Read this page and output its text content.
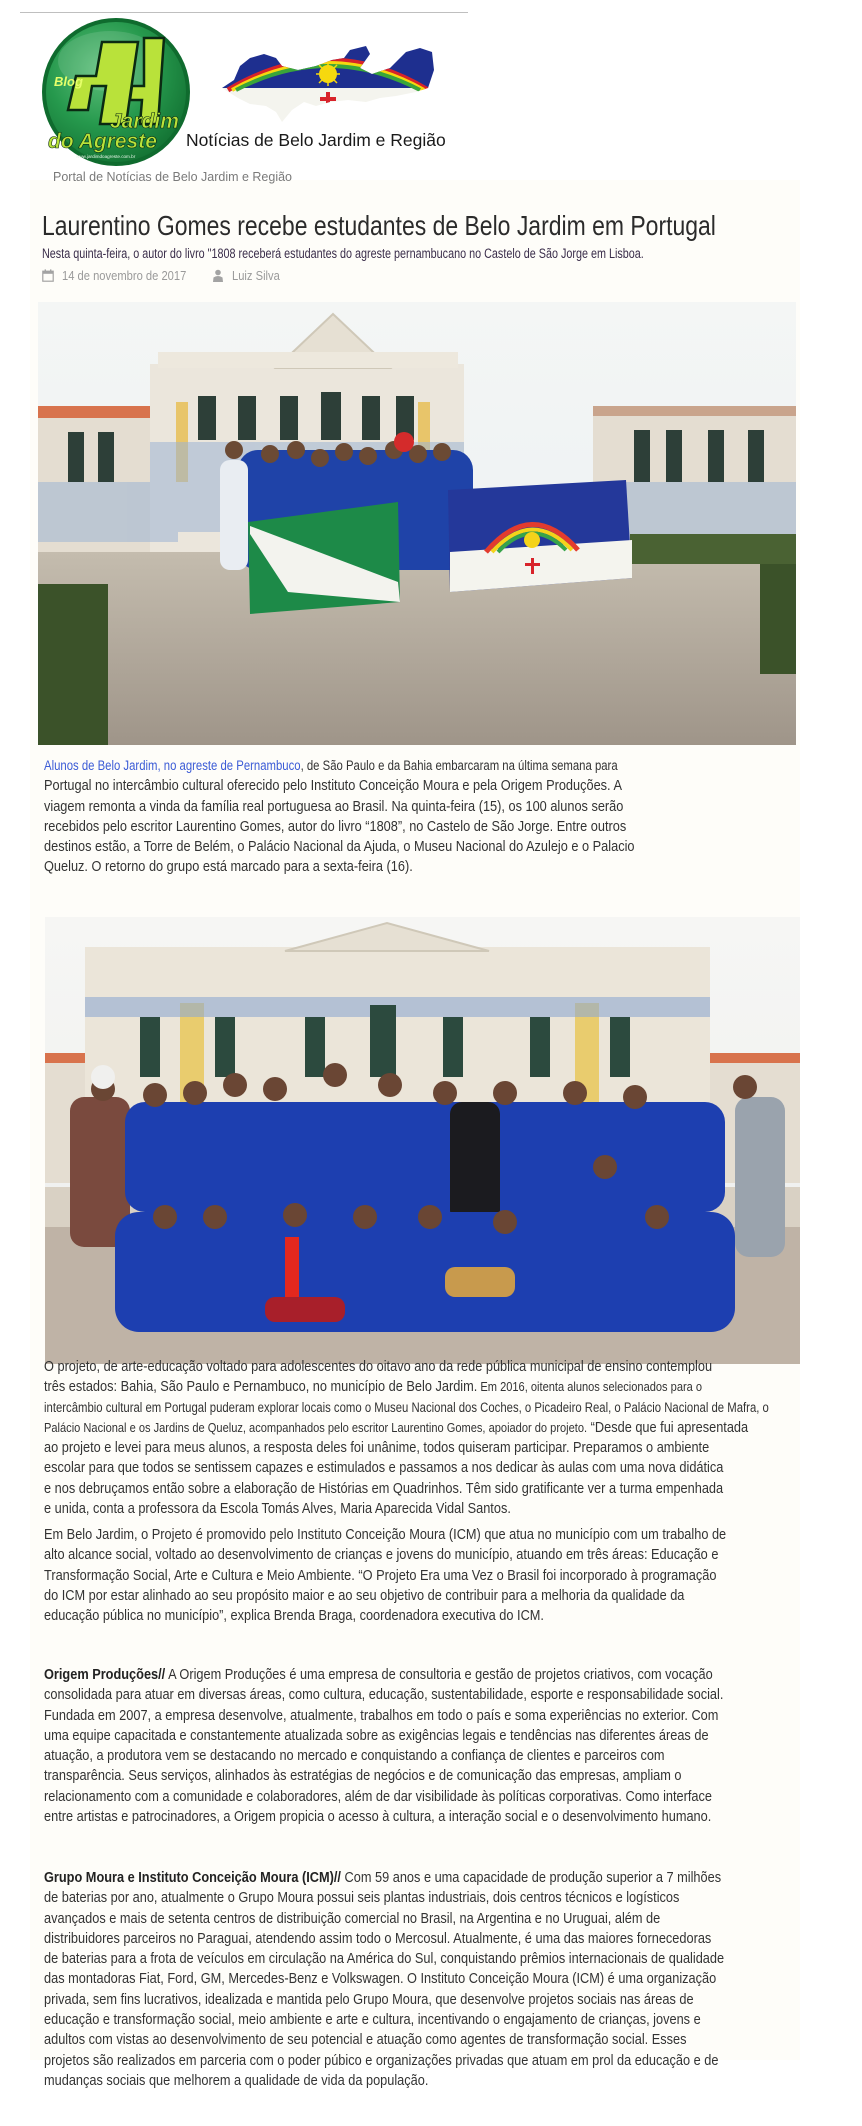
Blog
Jardim
do Agreste
www.jardimdoagreste.com.br
Notícias de Belo Jardim e Região
Portal de Notícias de Belo Jardim e Região
Laurentino Gomes recebe estudantes de Belo Jardim em Portugal
Nesta quinta-feira, o autor do livro "1808 receberá estudantes do agreste pernambucano no Castelo de São Jorge em Lisboa.
14 de novembro de 2017	Luiz Silva
Alunos de Belo Jardim, no agreste de Pernambuco, de São Paulo e da Bahia embarcaram na última semana para
Portugal no intercâmbio cultural oferecido pelo Instituto Conceição Moura e pela Origem Produções. A
viagem remonta a vinda da família real portuguesa ao Brasil. Na quinta-feira (15), os 100 alunos serão
recebidos pelo escritor Laurentino Gomes, autor do livro “1808”, no Castelo de São Jorge. Entre outros
destinos estão, a Torre de Belém, o Palácio Nacional da Ajuda, o Museu Nacional do Azulejo e o Palacio
Queluz. O retorno do grupo está marcado para a sexta-feira (16).
O projeto, de arte-educação voltado para adolescentes do oitavo ano da rede pública municipal de ensino contemplou
três estados: Bahia, São Paulo e Pernambuco, no município de Belo Jardim. Em 2016, oitenta alunos selecionados para o
intercâmbio cultural em Portugal puderam explorar locais como o Museu Nacional dos Coches, o Picadeiro Real, o Palácio Nacional de Mafra, o
Palácio Nacional e os Jardins de Queluz, acompanhados pelo escritor Laurentino Gomes, apoiador do projeto. “Desde que fui apresentada
ao projeto e levei para meus alunos, a resposta deles foi unânime, todos quiseram participar. Preparamos o ambiente
escolar para que todos se sentissem capazes e estimulados e passamos a nos dedicar às aulas com uma nova didática
e nos debruçamos então sobre a elaboração de Histórias em Quadrinhos. Têm sido gratificante ver a turma empenhada
e unida, conta a professora da Escola Tomás Alves, Maria Aparecida Vidal Santos.
Em Belo Jardim, o Projeto é promovido pelo Instituto Conceição Moura (ICM) que atua no município com um trabalho de
alto alcance social, voltado ao desenvolvimento de crianças e jovens do município, atuando em três áreas: Educação e
Transformação Social, Arte e Cultura e Meio Ambiente. “O Projeto Era uma Vez o Brasil foi incorporado à programação
do ICM por estar alinhado ao seu propósito maior e ao seu objetivo de contribuir para a melhoria da qualidade da
educação pública no município”, explica Brenda Braga, coordenadora executiva do ICM.
Origem Produções// A Origem Produções é uma empresa de consultoria e gestão de projetos criativos, com vocação
consolidada para atuar em diversas áreas, como cultura, educação, sustentabilidade, esporte e responsabilidade social.
Fundada em 2007, a empresa desenvolve, atualmente, trabalhos em todo o país e soma experiências no exterior. Com
uma equipe capacitada e constantemente atualizada sobre as exigências legais e tendências nas diferentes áreas de
atuação, a produtora vem se destacando no mercado e conquistando a confiança de clientes e parceiros com
transparência. Seus serviços, alinhados às estratégias de negócios e de comunicação das empresas, ampliam o
relacionamento com a comunidade e colaboradores, além de dar visibilidade às políticas corporativas. Como interface
entre artistas e patrocinadores, a Origem propicia o acesso à cultura, a interação social e o desenvolvimento humano.
Grupo Moura e Instituto Conceição Moura (ICM)// Com 59 anos e uma capacidade de produção superior a 7 milhões
de baterias por ano, atualmente o Grupo Moura possui seis plantas industriais, dois centros técnicos e logísticos
avançados e mais de setenta centros de distribuição comercial no Brasil, na Argentina e no Uruguai, além de
distribuidores parceiros no Paraguai, atendendo assim todo o Mercosul. Atualmente, é uma das maiores fornecedoras
de baterias para a frota de veículos em circulação na América do Sul, conquistando prêmios internacionais de qualidade
das montadoras Fiat, Ford, GM, Mercedes-Benz e Volkswagen. O Instituto Conceição Moura (ICM) é uma organização
privada, sem fins lucrativos, idealizada e mantida pelo Grupo Moura, que desenvolve projetos sociais nas áreas de
educação e transformação social, meio ambiente e arte e cultura, incentivando o engajamento de crianças, jovens e
adultos com vistas ao desenvolvimento de seu potencial e atuação como agentes de transformação social. Esses
projetos são realizados em parceria com o poder púbico e organizações privadas que atuam em prol da educação e de
mudanças sociais que melhorem a qualidade de vida da população.
